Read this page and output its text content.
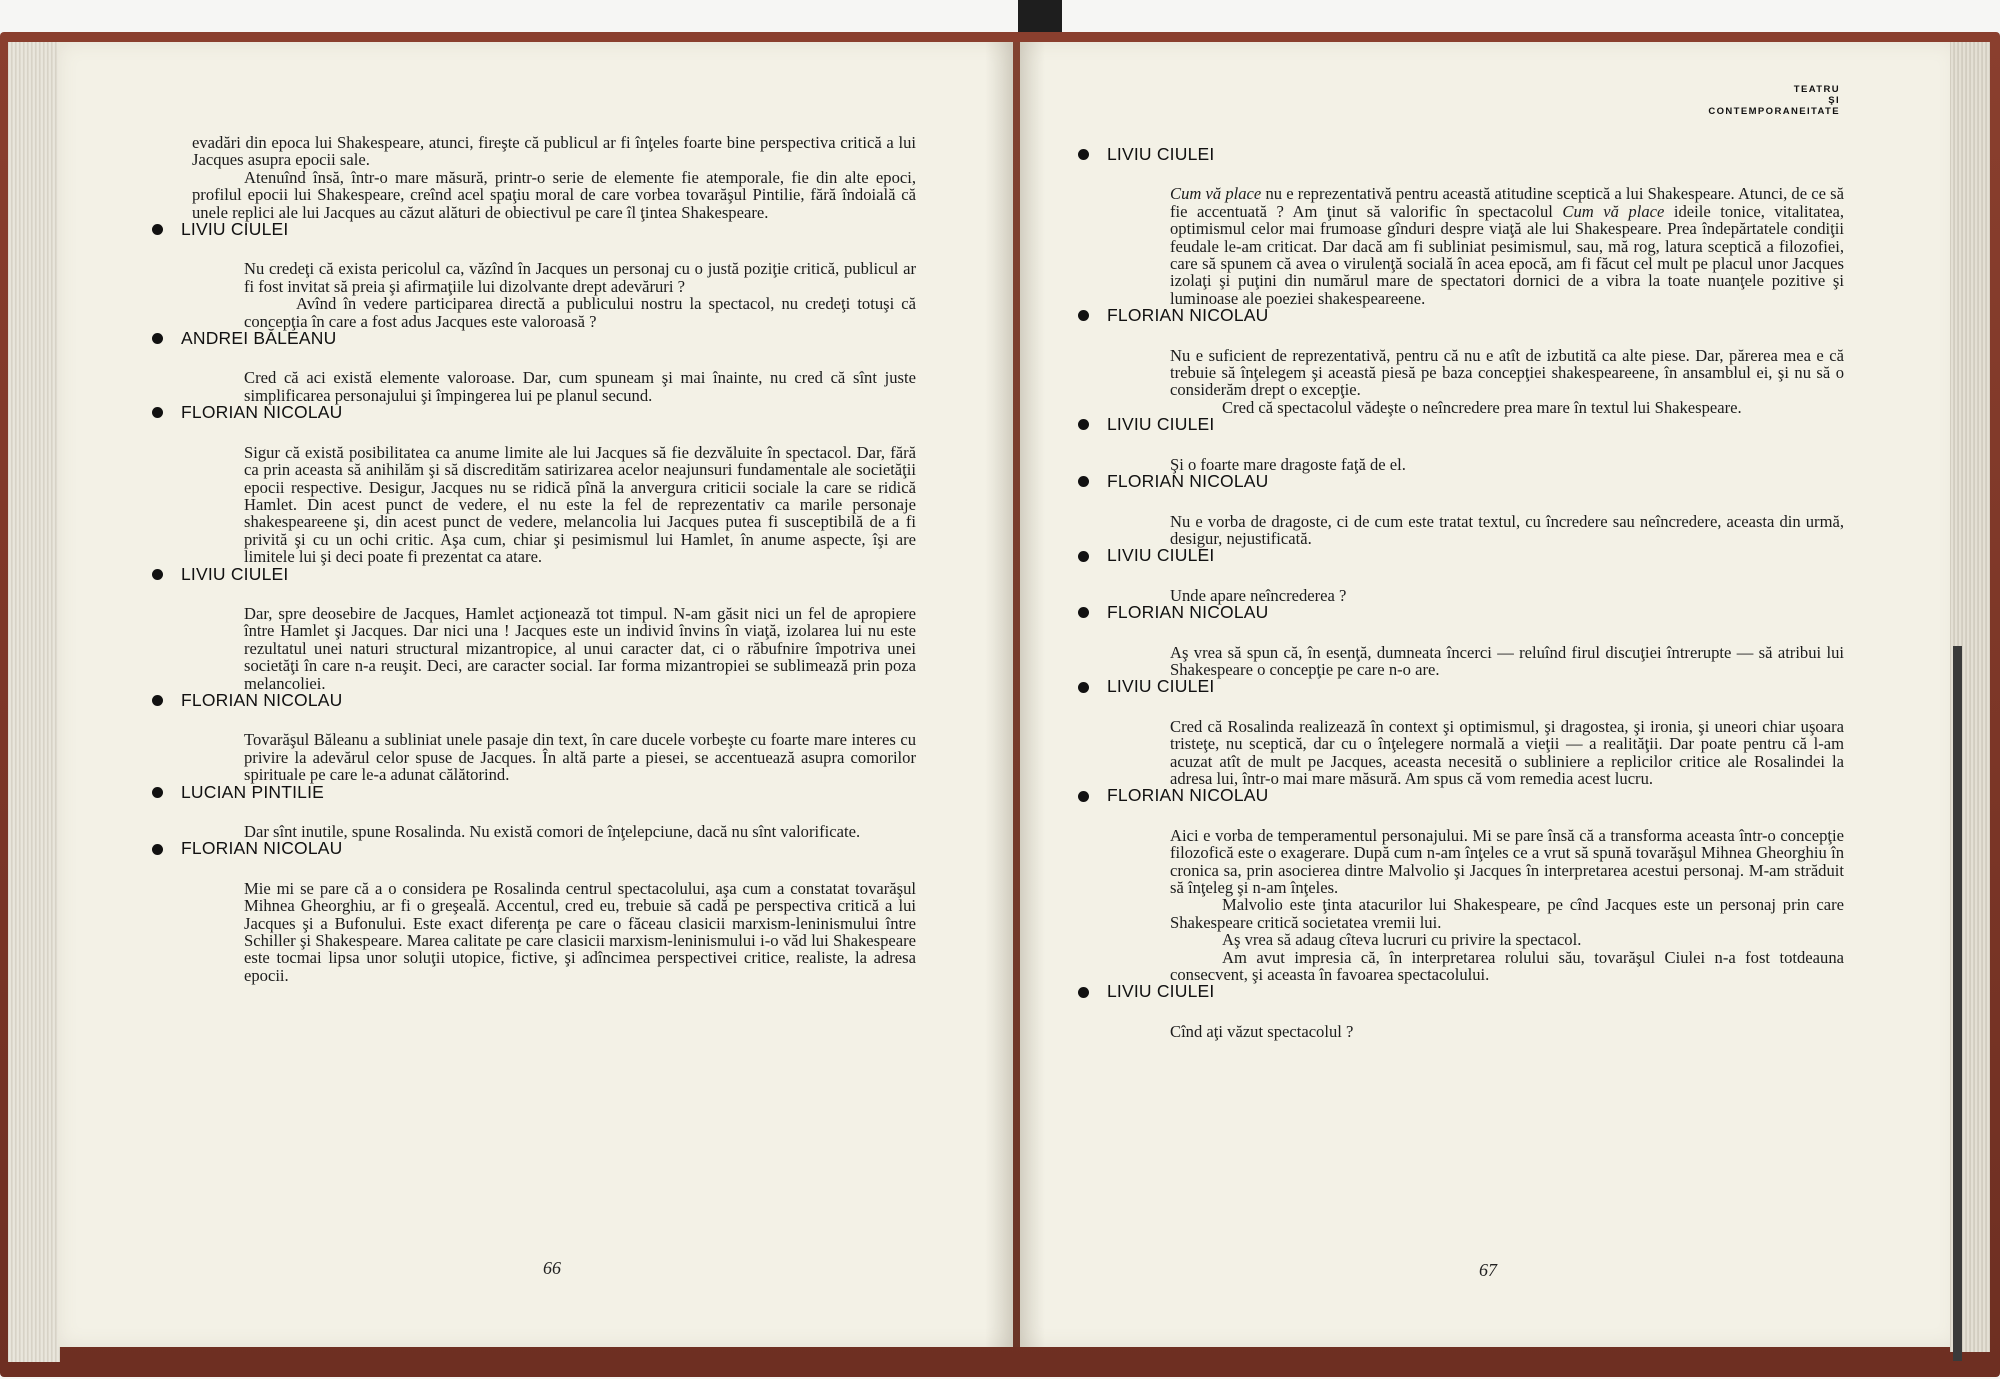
TEATRU
ŞI
CONTEMPORANEITATE

evadări din epoca lui Shakespeare, atunci, fireşte că publicul ar fi înţeles foarte bine perspectiva critică a lui Jacques asupra epocii sale.

Atenuînd însă, într-o mare măsură, printr-o serie de elemente fie atemporale, fie din alte epoci, profilul epocii lui Shakespeare, creînd acel spaţiu moral de care vorbea tovarăşul Pintilie, fără îndoială că unele replici ale lui Jacques au căzut alături de obiectivul pe care îl ţintea Shakespeare.

LIVIU CIULEI

Nu credeţi că exista pericolul ca, văzînd în Jacques un personaj cu o justă poziţie critică, publicul ar fi fost invitat să preia şi afirmaţiile lui dizolvante drept adevăruri ?

Avînd în vedere participarea directă a publicului nostru la spectacol, nu credeţi totuşi că concepţia în care a fost adus Jacques este valoroasă ?

ANDREI BĂLEANU

Cred că aci există elemente valoroase. Dar, cum spuneam şi mai înainte, nu cred că sînt juste simplificarea personajului şi împingerea lui pe planul secund.

FLORIAN NICOLAU

Sigur că există posibilitatea ca anume limite ale lui Jacques să fie dezvăluite în spectacol. Dar, fără ca prin aceasta să anihilăm şi să discredităm satirizarea acelor neajunsuri fundamentale ale societăţii epocii respective. Desigur, Jacques nu se ridică pînă la anvergura criticii sociale la care se ridică Hamlet. Din acest punct de vedere, el nu este la fel de reprezentativ ca marile personaje shakespeareene şi, din acest punct de vedere, melancolia lui Jacques putea fi susceptibilă de a fi privită şi cu un ochi critic. Aşa cum, chiar şi pesimismul lui Hamlet, în anume aspecte, îşi are limitele lui şi deci poate fi prezentat ca atare.

LIVIU CIULEI

Dar, spre deosebire de Jacques, Hamlet acţionează tot timpul. N-am găsit nici un fel de apropiere între Hamlet şi Jacques. Dar nici una ! Jacques este un individ învins în viaţă, izolarea lui nu este rezultatul unei naturi structural mizantropice, al unui caracter dat, ci o răbufnire împotriva unei societăţi în care n-a reuşit. Deci, are caracter social. Iar forma mizantropiei se sublimează prin poza melancoliei.

FLORIAN NICOLAU

Tovarăşul Băleanu a subliniat unele pasaje din text, în care ducele vorbeşte cu foarte mare interes cu privire la adevărul celor spuse de Jacques. În altă parte a piesei, se accentuează asupra comorilor spirituale pe care le-a adunat călătorind.

LUCIAN PINTILIE

Dar sînt inutile, spune Rosalinda. Nu există comori de înţelepciune, dacă nu sînt valorificate.

FLORIAN NICOLAU

Mie mi se pare că a o considera pe Rosalinda centrul spectacolului, aşa cum a constatat tovarăşul Mihnea Gheorghiu, ar fi o greşeală. Accentul, cred eu, trebuie să cadă pe perspectiva critică a lui Jacques şi a Bufonului. Este exact diferenţa pe care o făceau clasicii marxism-leninismului între Schiller şi Shakespeare. Marea calitate pe care clasicii marxism-leninismului i-o văd lui Shakespeare este tocmai lipsa unor soluţii utopice, fictive, şi adîncimea perspectivei critice, realiste, la adresa epocii.

LIVIU CIULEI

Cum vă place nu e reprezentativă pentru această atitudine sceptică a lui Shakespeare. Atunci, de ce să fie accentuată ? Am ţinut să valorific în spectacolul Cum vă place ideile tonice, vitalitatea, optimismul celor mai frumoase gînduri despre viaţă ale lui Shakespeare. Prea îndepărtatele condiţii feudale le-am criticat. Dar dacă am fi subliniat pesimismul, sau, mă rog, latura sceptică a filozofiei, care să spunem că avea o virulenţă socială în acea epocă, am fi făcut cel mult pe placul unor Jacques izolaţi şi puţini din numărul mare de spectatori dornici de a vibra la toate nuanţele pozitive şi luminoase ale poeziei shakespeareene.

FLORIAN NICOLAU

Nu e suficient de reprezentativă, pentru că nu e atît de izbutită ca alte piese. Dar, părerea mea e că trebuie să înţelegem şi această piesă pe baza concepţiei shakespeareene, în ansamblul ei, şi nu să o considerăm drept o excepţie.

Cred că spectacolul vădeşte o neîncredere prea mare în textul lui Shakespeare.

LIVIU CIULEI

Şi o foarte mare dragoste faţă de el.

FLORIAN NICOLAU

Nu e vorba de dragoste, ci de cum este tratat textul, cu încredere sau neîncredere, aceasta din urmă, desigur, nejustificată.

LIVIU CIULEI

Unde apare neîncrederea ?

FLORIAN NICOLAU

Aş vrea să spun că, în esenţă, dumneata încerci — reluînd firul discuţiei întrerupte — să atribui lui Shakespeare o concepţie pe care n-o are.

LIVIU CIULEI

Cred că Rosalinda realizează în context şi optimismul, şi dragostea, şi ironia, şi uneori chiar uşoara tristeţe, nu sceptică, dar cu o înţelegere normală a vieţii — a realităţii. Dar poate pentru că l-am acuzat atît de mult pe Jacques, aceasta necesită o subliniere a replicilor critice ale Rosalindei la adresa lui, într-o mai mare măsură. Am spus că vom remedia acest lucru.

FLORIAN NICOLAU

Aici e vorba de temperamentul personajului. Mi se pare însă că a transforma aceasta într-o concepţie filozofică este o exagerare. După cum n-am înţeles ce a vrut să spună tovarăşul Mihnea Gheorghiu în cronica sa, prin asocierea dintre Malvolio şi Jacques în interpretarea acestui personaj. M-am străduit să înţeleg şi n-am înţeles.

Malvolio este ţinta atacurilor lui Shakespeare, pe cînd Jacques este un personaj prin care Shakespeare critică societatea vremii lui.

Aş vrea să adaug cîteva lucruri cu privire la spectacol.

Am avut impresia că, în interpretarea rolului său, tovarăşul Ciulei n-a fost totdeauna consecvent, şi aceasta în favoarea spectacolului.

LIVIU CIULEI

Cînd aţi văzut spectacolul ?

66	67
